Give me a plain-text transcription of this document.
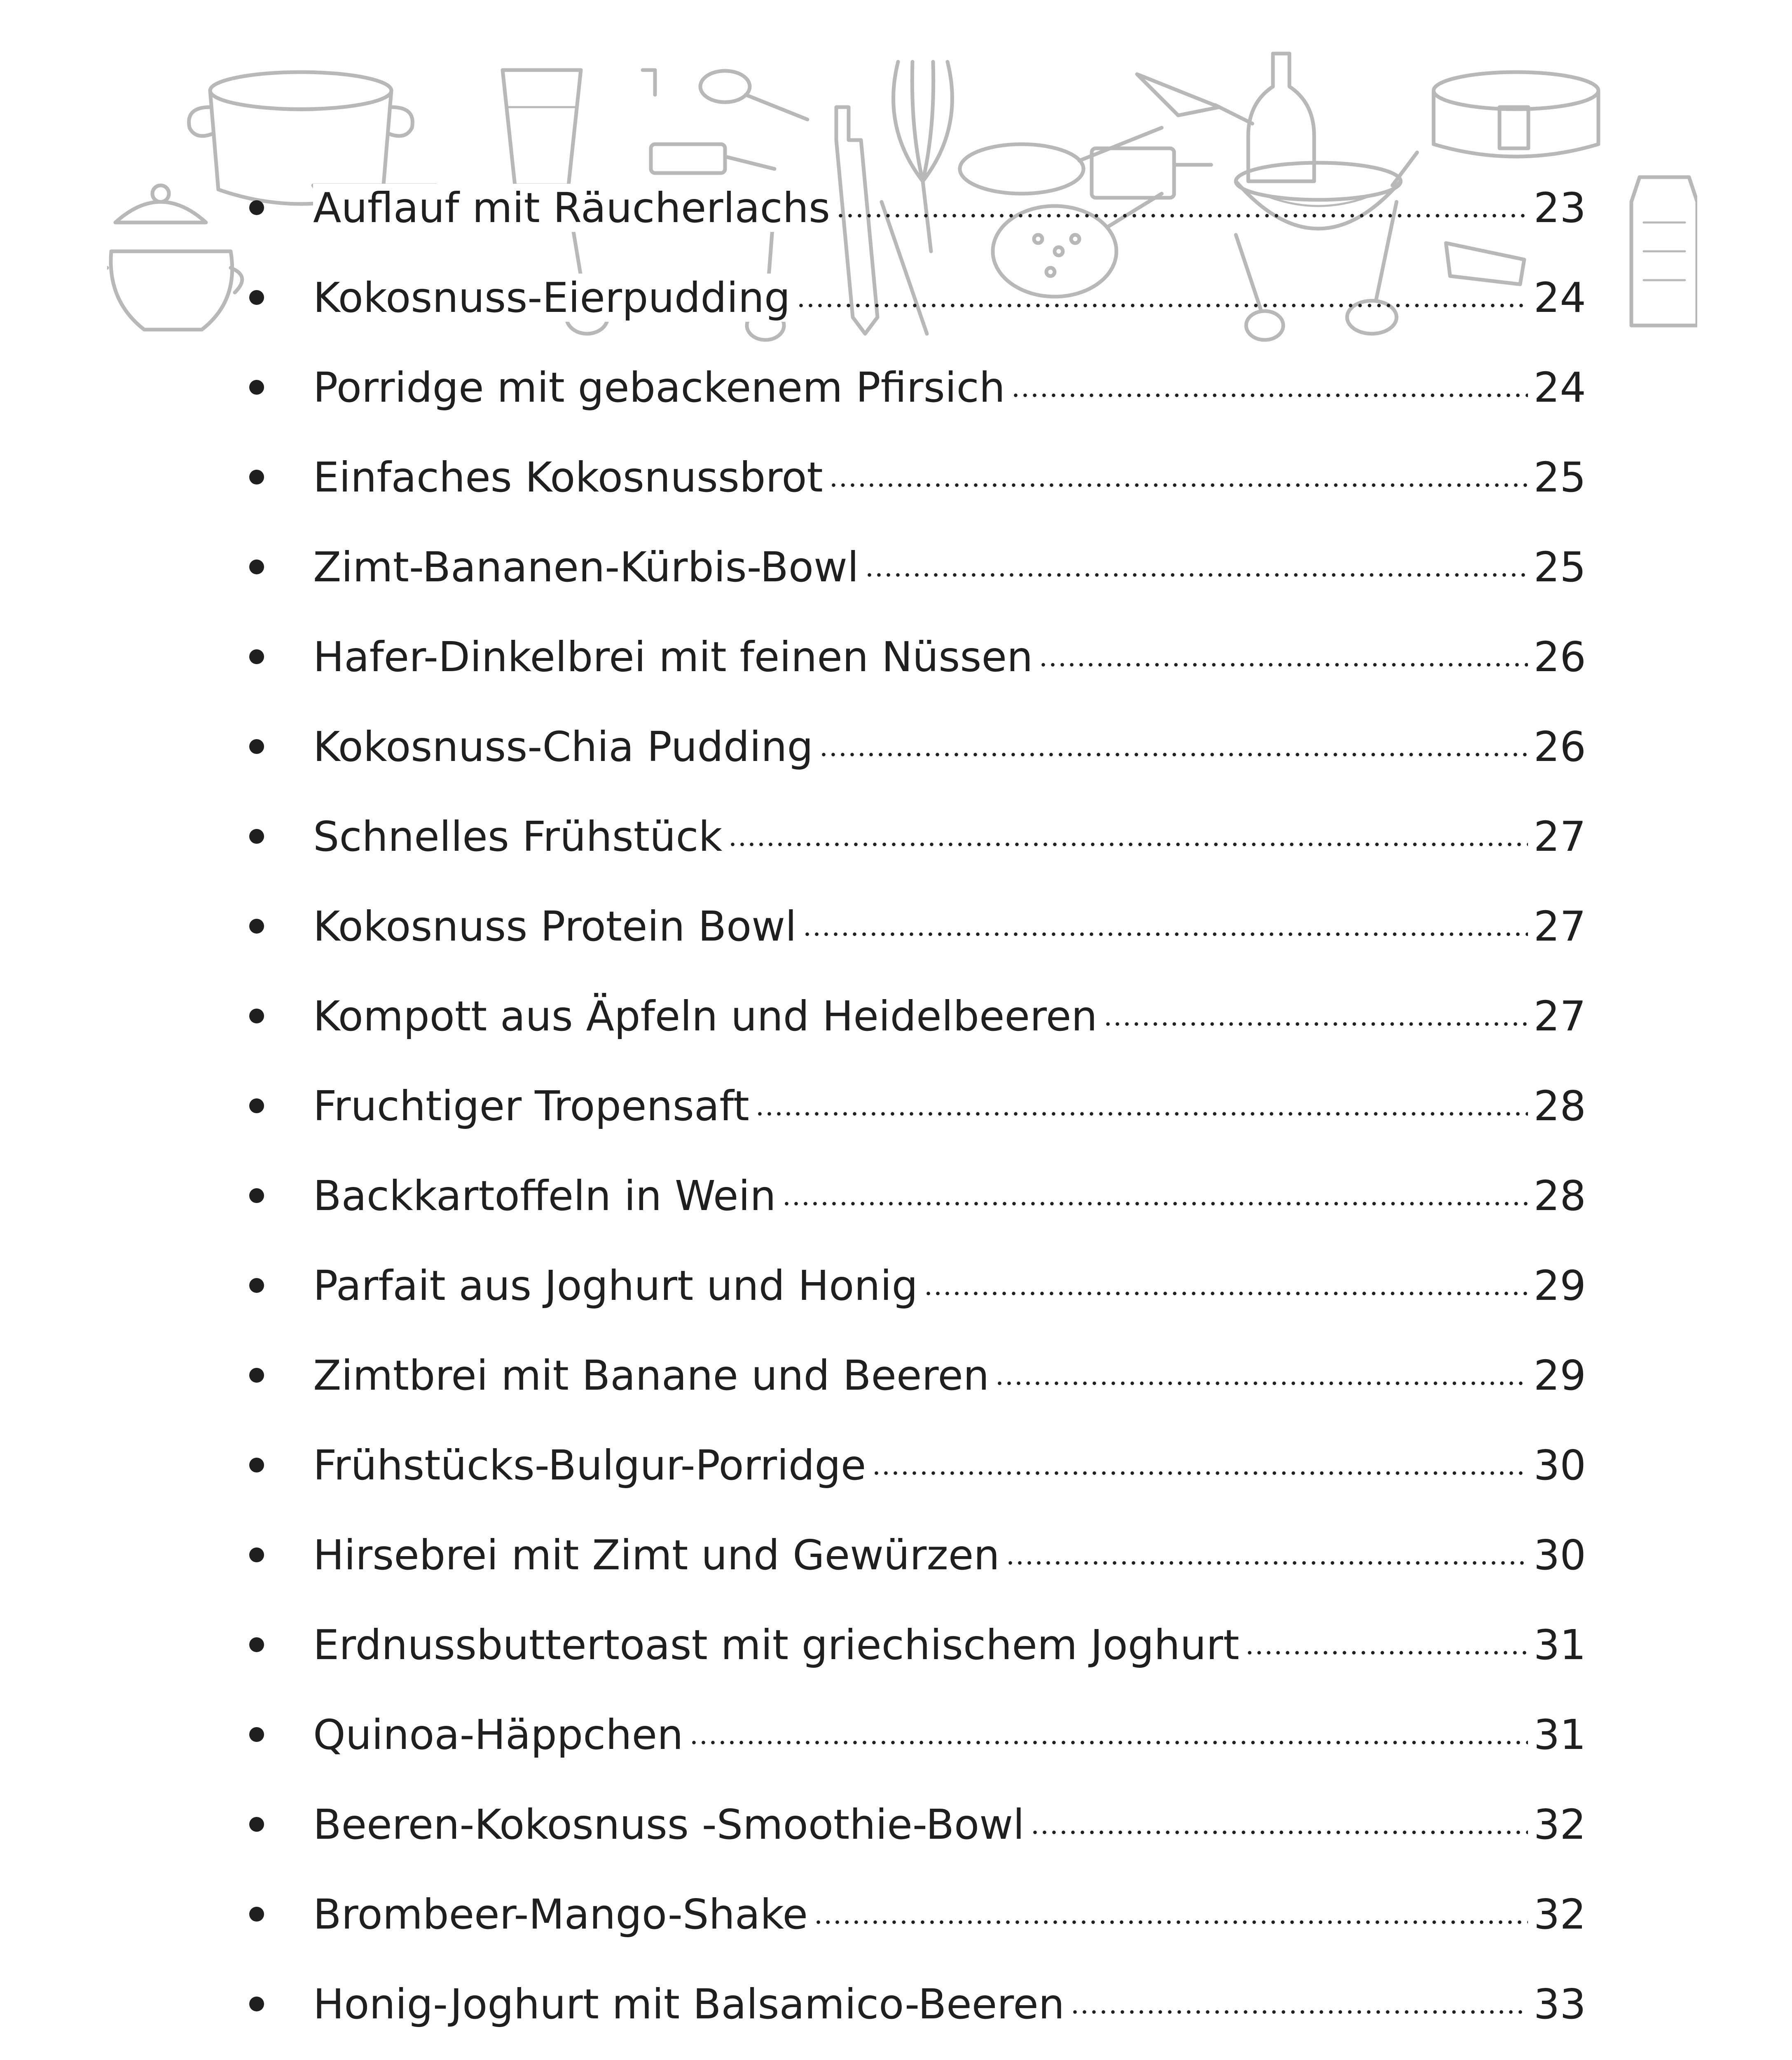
Auflauf mit Räucherlachs	23
Kokosnuss-Eierpudding	24
Porridge mit gebackenem Pfirsich	24
Einfaches Kokosnussbrot	25
Zimt-Bananen-Kürbis-Bowl	25
Hafer-Dinkelbrei mit feinen Nüssen	26
Kokosnuss-Chia Pudding	26
Schnelles Frühstück	27
Kokosnuss Protein Bowl	27
Kompott aus Äpfeln und Heidelbeeren	27
Fruchtiger Tropensaft	28
Backkartoffeln in Wein	28
Parfait aus Joghurt und Honig	29
Zimtbrei mit Banane und Beeren	29
Frühstücks-Bulgur-Porridge	30
Hirsebrei mit Zimt und Gewürzen	30
Erdnussbuttertoast mit griechischem Joghurt	31
Quinoa-Häppchen	31
Beeren-Kokosnuss -Smoothie-Bowl	32
Brombeer-Mango-Shake	32
Honig-Joghurt mit Balsamico-Beeren	33
